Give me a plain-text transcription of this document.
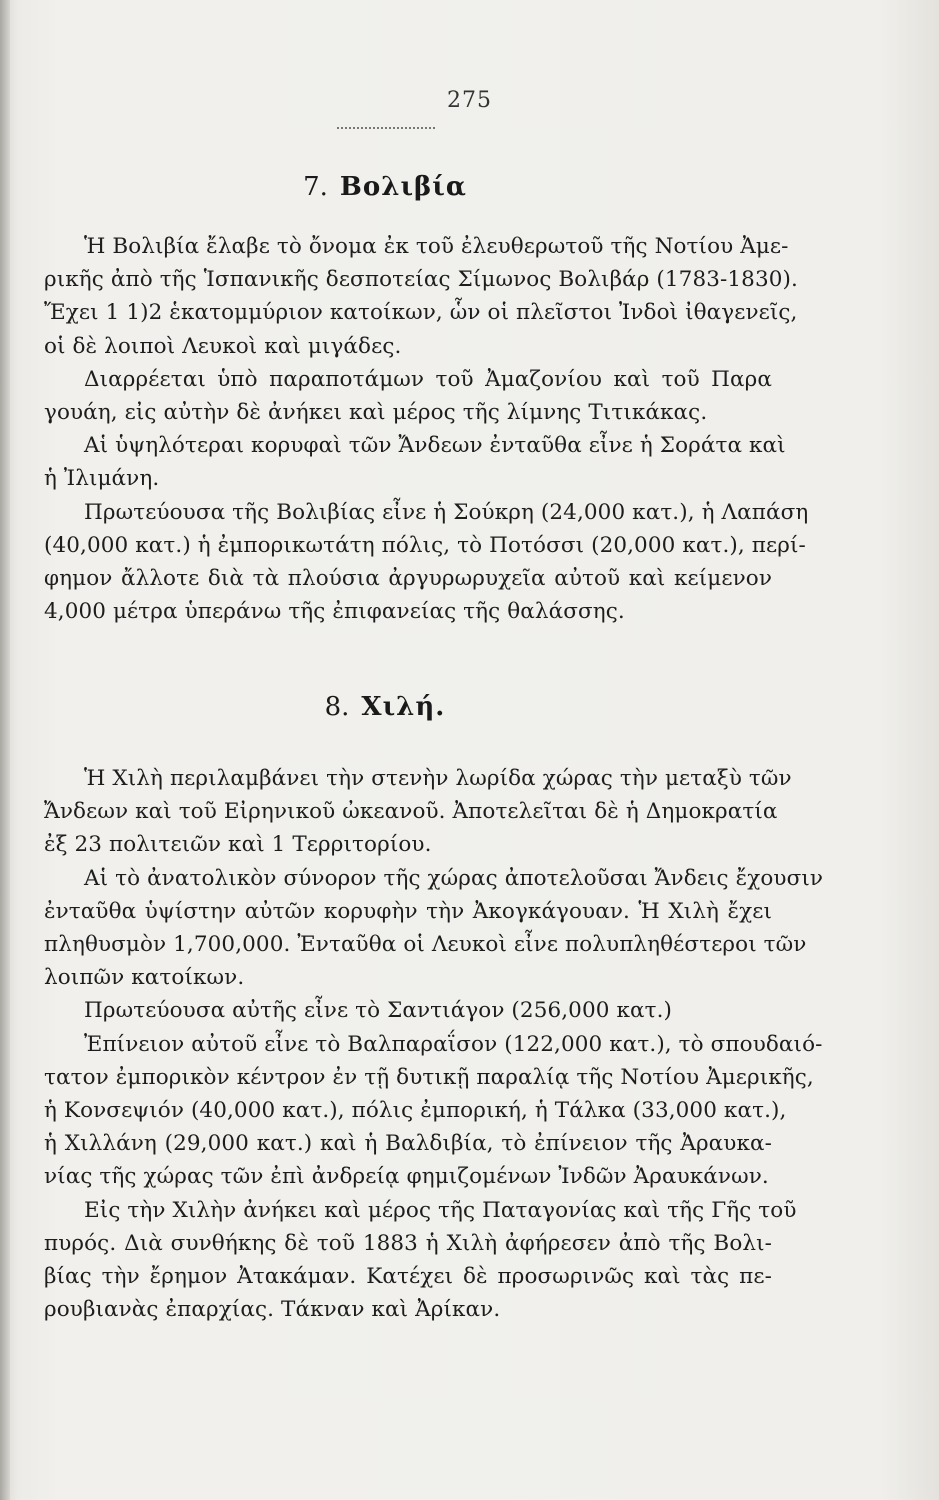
275
7. Βολιβία
Ἡ Βολιβία ἔλαβε τὸ ὄνομα ἐκ τοῦ ἐλευθερωτοῦ τῆς Νοτίου Ἀμε-
ρικῆς ἀπὸ τῆς Ἱσπανικῆς δεσποτείας Σίμωνος Βολιβάρ (1783-1830).
Ἔχει 1 1)2 ἑκατομμύριον κατοίκων, ὧν οἱ πλεῖστοι Ἰνδοὶ ἰθαγενεῖς,
οἱ δὲ λοιποὶ Λευκοὶ καὶ μιγάδες.
Διαρρέεται ὑπὸ παραποτάμων τοῦ Ἀμαζονίου καὶ τοῦ Παρα
γουάη, εἰς αὐτὴν δὲ ἀνήκει καὶ μέρος τῆς λίμνης Τιτικάκας.
Αἱ ὑψηλότεραι κορυφαὶ τῶν Ἄνδεων ἐνταῦθα εἶνε ἡ Σοράτα καὶ
ἡ Ἰλιμάνη.
Πρωτεύουσα τῆς Βολιβίας εἶνε ἡ Σούκρη (24,000 κατ.), ἡ Λαπάση
(40,000 κατ.) ἡ ἐμπορικωτάτη πόλις, τὸ Ποτόσσι (20,000 κατ.), περί-
φημον ἄλλοτε διὰ τὰ πλούσια ἀργυρωρυχεῖα αὐτοῦ καὶ κείμενον
4,000 μέτρα ὑπεράνω τῆς ἐπιφανείας τῆς θαλάσσης.
8. Χιλή.
Ἡ Χιλὴ περιλαμβάνει τὴν στενὴν λωρίδα χώρας τὴν μεταξὺ τῶν
Ἄνδεων καὶ τοῦ Εἰρηνικοῦ ὠκεανοῦ. Ἀποτελεῖται δὲ ἡ Δημοκρατία
ἐξ 23 πολιτειῶν καὶ 1 Τερριτορίου.
Αἱ τὸ ἀνατολικὸν σύνορον τῆς χώρας ἀποτελοῦσαι Ἄνδεις ἔχουσιν
ἐνταῦθα ὑψίστην αὐτῶν κορυφὴν τὴν Ἀκογκάγουαν. Ἡ Χιλὴ ἔχει
πληθυσμὸν 1,700,000. Ἐνταῦθα οἱ Λευκοὶ εἶνε πολυπληθέστεροι τῶν
λοιπῶν κατοίκων.
Πρωτεύουσα αὐτῆς εἶνε τὸ Σαντιάγον (256,000 κατ.)
Ἐπίνειον αὐτοῦ εἶνε τὸ Βαλπαραΐσον (122,000 κατ.), τὸ σπουδαιό-
τατον ἐμπορικὸν κέντρον ἐν τῇ δυτικῇ παραλίᾳ τῆς Νοτίου Ἀμερικῆς,
ἡ Κονσεψιόν (40,000 κατ.), πόλις ἐμπορική, ἡ Τάλκα (33,000 κατ.),
ἡ Χιλλάνη (29,000 κατ.) καὶ ἡ Βαλδιβία, τὸ ἐπίνειον τῆς Ἀραυκα-
νίας τῆς χώρας τῶν ἐπὶ ἀνδρείᾳ φημιζομένων Ἰνδῶν Ἀραυκάνων.
Εἰς τὴν Χιλὴν ἀνήκει καὶ μέρος τῆς Παταγονίας καὶ τῆς Γῆς τοῦ
πυρός. Διὰ συνθήκης δὲ τοῦ 1883 ἡ Χιλὴ ἀφήρεσεν ἀπὸ τῆς Βολι-
βίας τὴν ἔρημον Ἀτακάμαν. Κατέχει δὲ προσωρινῶς καὶ τὰς πε-
ρουβιανὰς ἐπαρχίας. Τάκναν καὶ Ἀρίκαν.
